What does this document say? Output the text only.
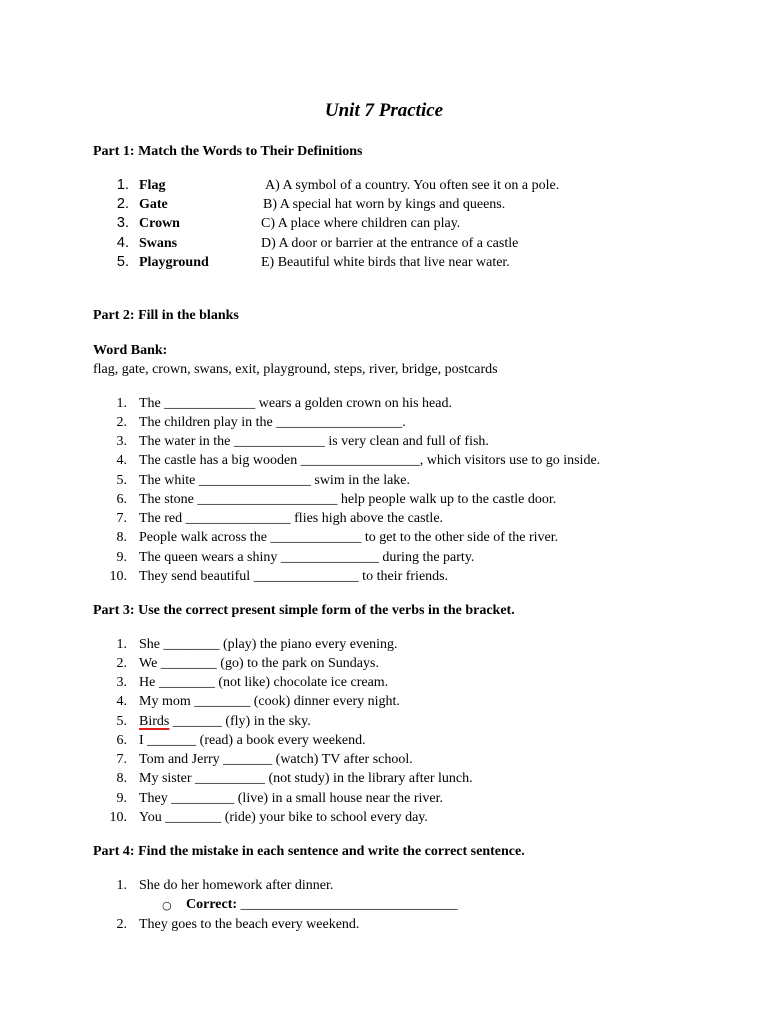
Unit 7 Practice
Part 1: Match the Words to Their Definitions
1. Flag	A) A symbol of a country. You often see it on a pole.
2. Gate	B) A special hat worn by kings and queens.
3. Crown	C) A place where children can play.
4. Swans	D) A door or barrier at the entrance of a castle
5. Playground	E) Beautiful white birds that live near water.
Part 2: Fill in the blanks
Word Bank:
flag, gate, crown, swans, exit, playground, steps, river, bridge, postcards
1. The _____________ wears a golden crown on his head.
2. The children play in the __________________.
3. The water in the _____________ is very clean and full of fish.
4. The castle has a big wooden _________________, which visitors use to go inside.
5. The white ________________ swim in the lake.
6. The stone ____________________ help people walk up to the castle door.
7. The red _______________ flies high above the castle.
8. People walk across the _____________ to get to the other side of the river.
9. The queen wears a shiny ______________ during the party.
10. They send beautiful _______________ to their friends.
Part 3: Use the correct present simple form of the verbs in the bracket.
1. She ________ (play) the piano every evening.
2. We ________ (go) to the park on Sundays.
3. He ________ (not like) chocolate ice cream.
4. My mom ________ (cook) dinner every night.
5. Birds _______ (fly) in the sky.
6. I _______ (read) a book every weekend.
7. Tom and Jerry _______ (watch) TV after school.
8. My sister __________ (not study) in the library after lunch.
9. They _________ (live) in a small house near the river.
10. You ________ (ride) your bike to school every day.
Part 4: Find the mistake in each sentence and write the correct sentence.
1. She do her homework after dinner.
○ Correct: _______________________________
2. They goes to the beach every weekend.
